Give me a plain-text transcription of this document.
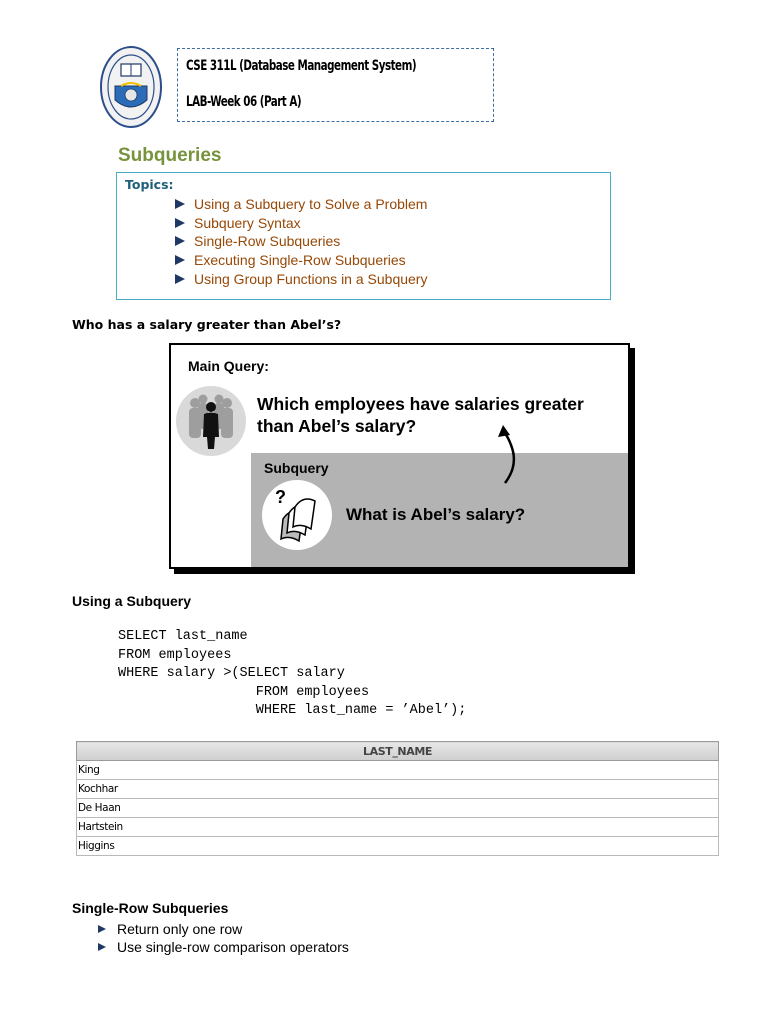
CSE 311L (Database Management System)
LAB-Week 06 (Part A)
Subqueries
Topics:
Using a Subquery to Solve a Problem
Subquery Syntax
Single-Row Subqueries
Executing Single-Row Subqueries
Using Group Functions in a Subquery
Who has a salary greater than Abel’s?
Main Query:
Which employees have salaries greater than Abel’s salary?
Subquery
?
What is Abel’s salary?
Using a Subquery
SELECT last_name
FROM employees
WHERE salary >(SELECT salary
FROM employees
WHERE last_name = ’Abel’);
LAST_NAME
King
Kochhar
De Haan
Hartstein
Higgins
Single-Row Subqueries
Return only one row
Use single-row comparison operators
